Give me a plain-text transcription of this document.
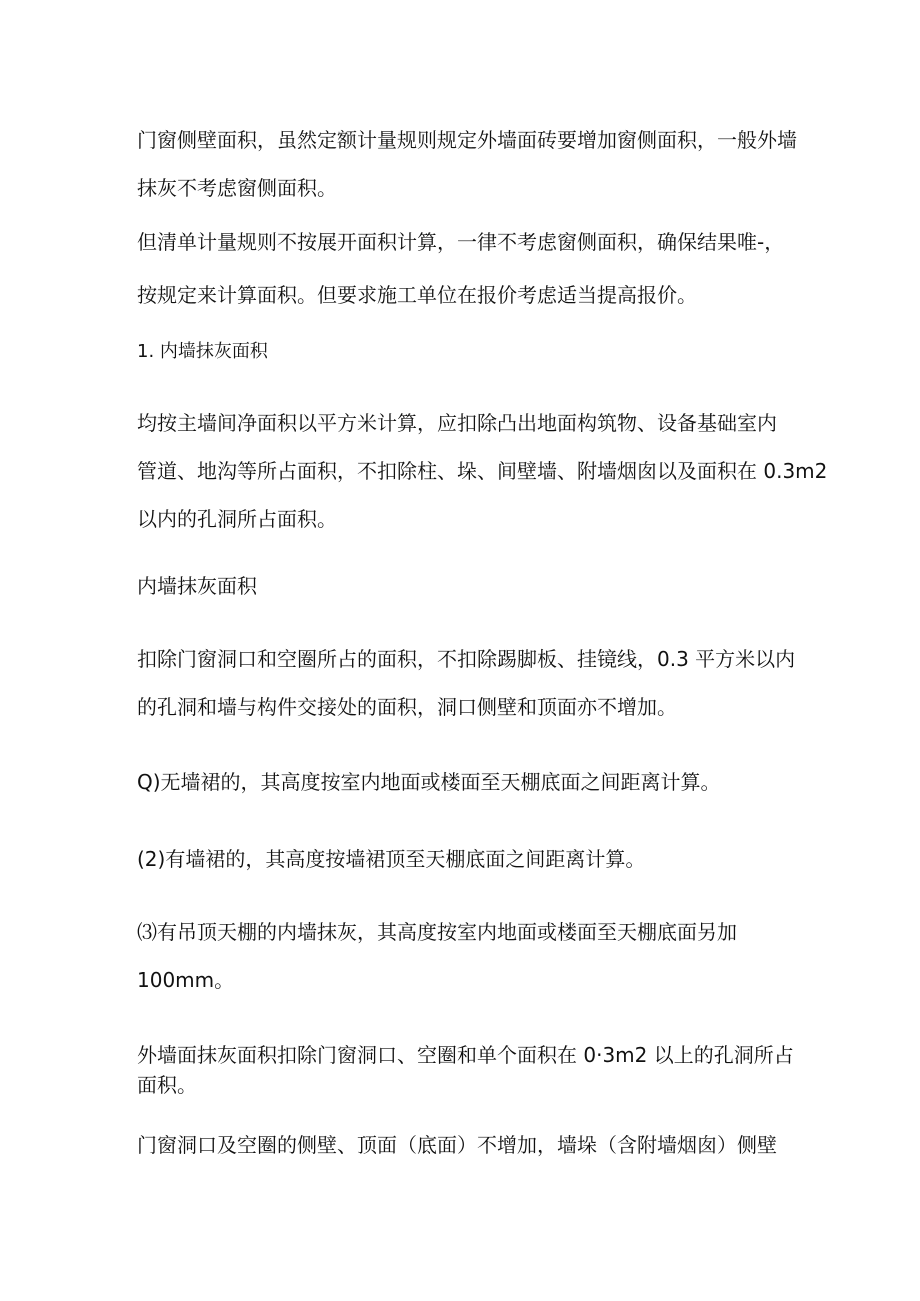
门窗侧壁面积，虽然定额计量规则规定外墙面砖要增加窗侧面积，一般外墙
抹灰不考虑窗侧面积。
但清单计量规则不按展开面积计算，一律不考虑窗侧面积，确保结果唯-，
按规定来计算面积。但要求施工单位在报价考虑适当提高报价。
1. 内墙抹灰面积
均按主墙间净面积以平方米计算，应扣除凸出地面构筑物、设备基础室内
管道、地沟等所占面积，不扣除柱、垛、间壁墙、附墙烟囱以及面积在 0.3m2
以内的孔洞所占面积。
内墙抹灰面积
扣除门窗洞口和空圈所占的面积，不扣除踢脚板、挂镜线，0.3 平方米以内
的孔洞和墙与构件交接处的面积，洞口侧壁和顶面亦不增加。
Q)无墙裙的，其高度按室内地面或楼面至天棚底面之间距离计算。
(2)有墙裙的，其高度按墙裙顶至天棚底面之间距离计算。
⑶有吊顶天棚的内墙抹灰，其高度按室内地面或楼面至天棚底面另加
100mm。
外墙面抹灰面积扣除门窗洞口、空圈和单个面积在 0·3m2 以上的孔洞所占
面积。
门窗洞口及空圈的侧壁、顶面（底面）不增加，墙垛（含附墙烟囱）侧壁
